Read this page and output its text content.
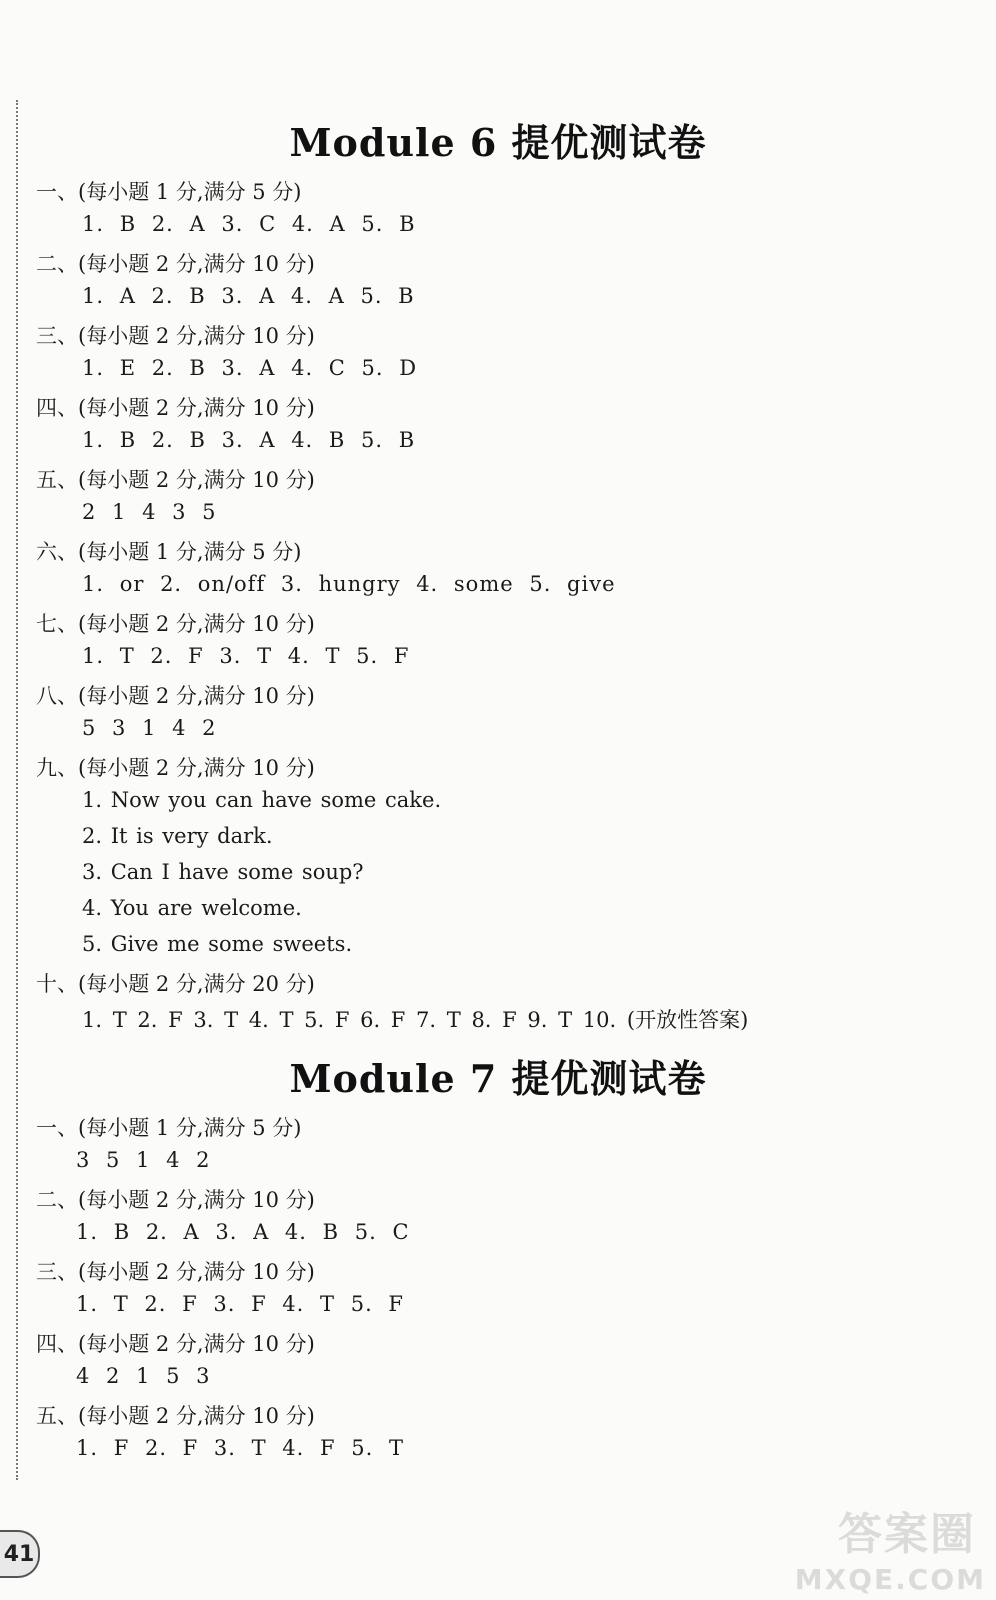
Module 6 提优测试卷
一、(每小题 1 分,满分 5 分)
1. B 2. A 3. C 4. A 5. B
二、(每小题 2 分,满分 10 分)
1. A 2. B 3. A 4. A 5. B
三、(每小题 2 分,满分 10 分)
1. E 2. B 3. A 4. C 5. D
四、(每小题 2 分,满分 10 分)
1. B 2. B 3. A 4. B 5. B
五、(每小题 2 分,满分 10 分)
2 1 4 3 5
六、(每小题 1 分,满分 5 分)
1. or 2. on/off 3. hungry 4. some 5. give
七、(每小题 2 分,满分 10 分)
1. T 2. F 3. T 4. T 5. F
八、(每小题 2 分,满分 10 分)
5 3 1 4 2
九、(每小题 2 分,满分 10 分)
1. Now you can have some cake.
2. It is very dark.
3. Can I have some soup?
4. You are welcome.
5. Give me some sweets.
十、(每小题 2 分,满分 20 分)
1. T 2. F 3. T 4. T 5. F 6. F 7. T 8. F 9. T 10. (开放性答案)
Module 7 提优测试卷
一、(每小题 1 分,满分 5 分)
3 5 1 4 2
二、(每小题 2 分,满分 10 分)
1. B 2. A 3. A 4. B 5. C
三、(每小题 2 分,满分 10 分)
1. T 2. F 3. F 4. T 5. F
四、(每小题 2 分,满分 10 分)
4 2 1 5 3
五、(每小题 2 分,满分 10 分)
1. F 2. F 3. T 4. F 5. T
41	答案圈
MXQE.COM
